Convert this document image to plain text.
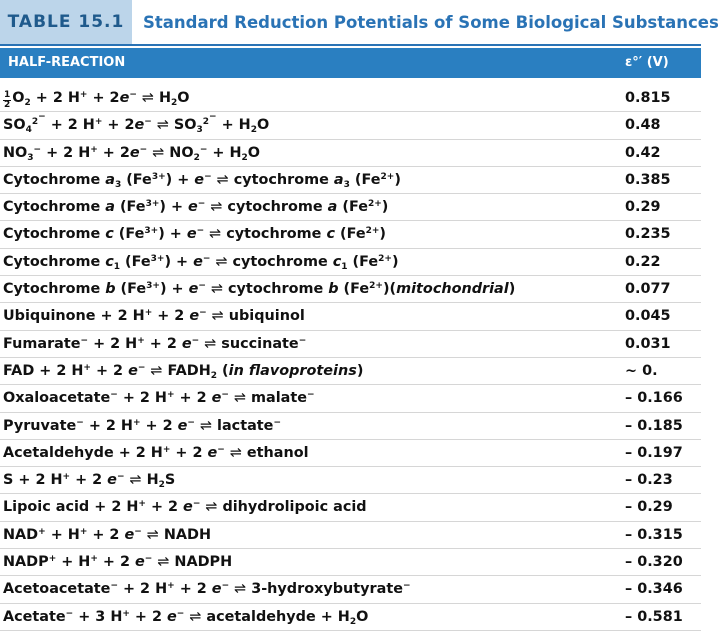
TABLE 15.1	Standard Reduction Potentials of Some Biological Substances
HALF-REACTION	ε°′ (V)
$\frac{1}{2} O_2 + 2$ H+ + 2e− ⇌ $H_2O$	0.815
$SO_4^{2^-} + 2$ H+ + 2e− ⇌ $SO_3^{2^-} + H_2O$	0.48
$NO_3^- + 2$ H+ + 2e− ⇌ $NO_2^- + H_2O$	0.42
Cytochrome $a_3$ $(Fe^{3+}) + e^-$ ⇌ cytochrome $a_3$ $(Fe^{2+})$	0.385
Cytochrome a $(Fe^{3+}) + e^-$ ⇌ cytochrome a $(Fe^{2+})$	0.29
Cytochrome c $(Fe^{3+}) + e^-$ ⇌ cytochrome c $(Fe^{2+})$	0.235
Cytochrome $c_1$ $(Fe^{3+}) + e^-$ ⇌ cytochrome $c_1$ $(Fe^{2+})$	0.22
Cytochrome b $(Fe^{3+}) + e^-$ ⇌ cytochrome b $(Fe^{2+})(mitochondrial)$	0.077
Ubiquinone + 2 H+ + 2 e− ⇌ ubiquinol	0.045
Fumarate− + 2 H+ + 2 e− ⇌ succinate−	0.031
FAD + 2 H+ + 2 e− ⇌ $FADH_2$ (in flavoproteins)	~ 0.
Oxaloacetate− + 2 H+ + 2 e− ⇌ malate−	– 0.166
Pyruvate− + 2 H+ + 2 e− ⇌ lactate−	– 0.185
Acetaldehyde + 2 H+ + 2 e− ⇌ ethanol	– 0.197
S + 2 H+ + 2 e− ⇌ $H_2S$	– 0.23
Lipoic acid + 2 H+ + 2 e− ⇌ dihydrolipoic acid	– 0.29
NAD+ + H+ + 2 e− ⇌ NADH	– 0.315
NADP+ + H+ + 2 e− ⇌ NADPH	– 0.320
Acetoacetate− + 2 H+ + 2 e− ⇌ 3-hydroxybutyrate−	– 0.346
Acetate− + 3 H+ + 2 e− ⇌ acetaldehyde + $H_2O$	– 0.581
